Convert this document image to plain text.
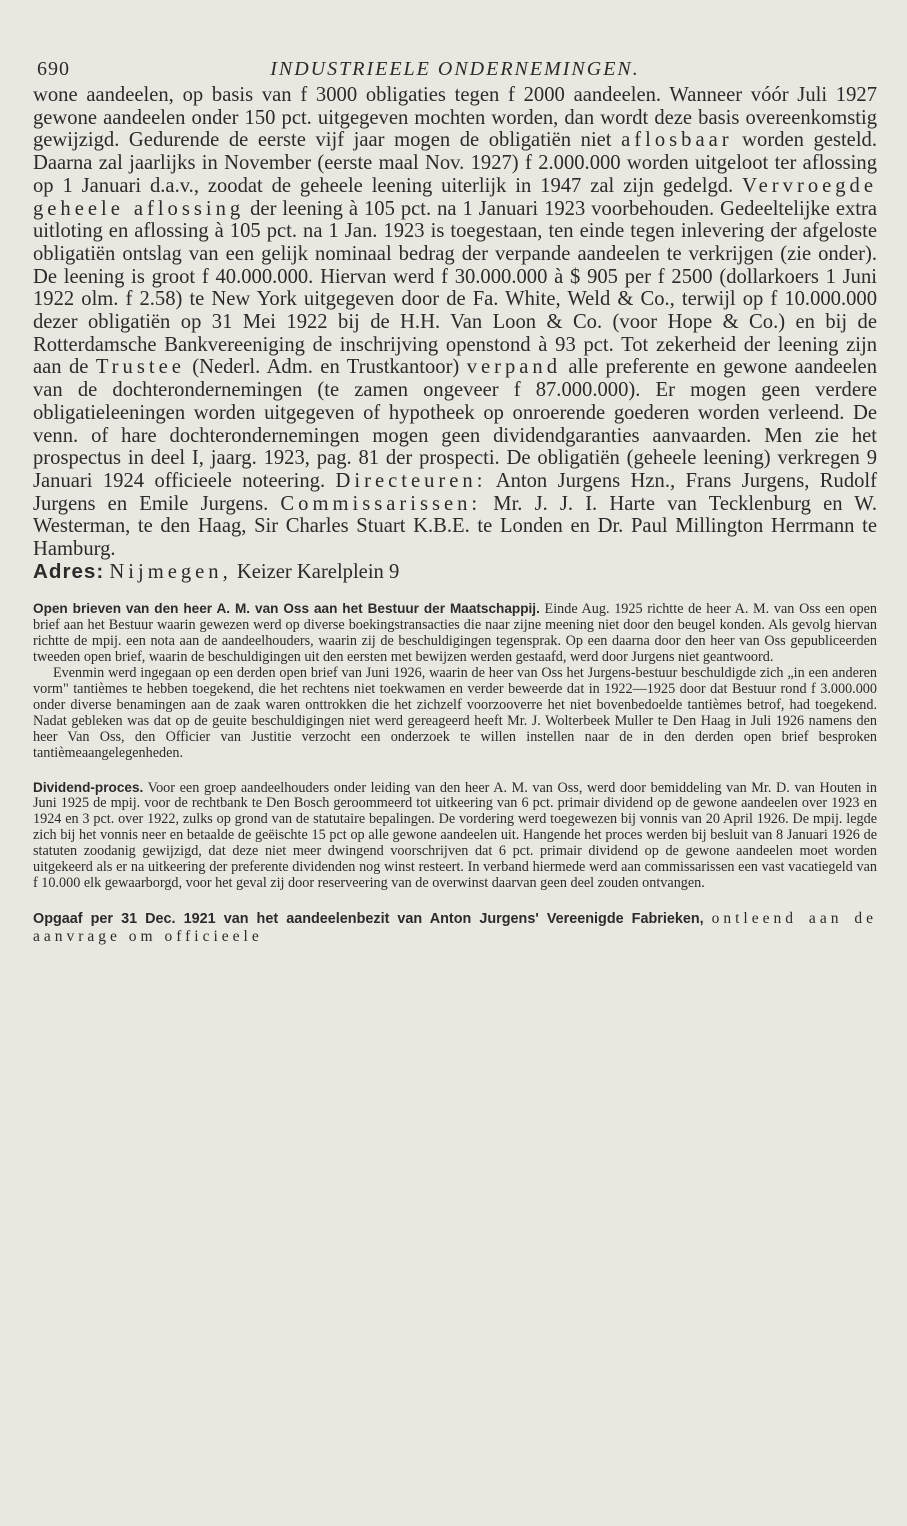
690	INDUSTRIEELE ONDERNEMINGEN.

wone aandeelen, op basis van f 3000 obligaties tegen f 2000 aandeelen. Wanneer vóór Juli 1927 gewone aandeelen onder 150 pct. uitgegeven mochten worden, dan wordt deze basis overeenkomstig gewijzigd. Gedurende de eerste vijf jaar mogen de obligatiën niet aflosbaar worden gesteld. Daarna zal jaarlijks in November (eerste maal Nov. 1927) f 2.000.000 worden uitgeloot ter aflossing op 1 Januari d.a.v., zoodat de geheele leening uiterlijk in 1947 zal zijn gedelgd. Vervroegde geheele aflossing der leening à 105 pct. na 1 Januari 1923 voorbehouden. Gedeeltelijke extra uitloting en aflossing à 105 pct. na 1 Jan. 1923 is toegestaan, ten einde tegen inlevering der afgeloste obligatiën ontslag van een gelijk nominaal bedrag der verpande aandeelen te verkrijgen (zie onder). De leening is groot f 40.000.000. Hiervan werd f 30.000.000 à $ 905 per f 2500 (dollarkoers 1 Juni 1922 olm. f 2.58) te New York uitgegeven door de Fa. White, Weld & Co., terwijl op f 10.000.000 dezer obligatiën op 31 Mei 1922 bij de H.H. Van Loon & Co. (voor Hope & Co.) en bij de Rotterdamsche Bankvereeniging de inschrijving openstond à 93 pct. Tot zekerheid der leening zijn aan de Trustee (Nederl. Adm. en Trustkantoor) verpand alle preferente en gewone aandeelen van de dochterondernemingen (te zamen ongeveer f 87.000.000). Er mogen geen verdere obligatieleeningen worden uitgegeven of hypotheek op onroerende goederen worden verleend. De venn. of hare dochterondernemingen mogen geen dividendgaranties aanvaarden. Men zie het prospectus in deel I, jaarg. 1923, pag. 81 der prospecti. De obligatiën (geheele leening) verkregen 9 Januari 1924 officieele noteering. Directeuren: Anton Jurgens Hzn., Frans Jurgens, Rudolf Jurgens en Emile Jurgens. Commissarissen: Mr. J. J. I. Harte van Tecklenburg en W. Westerman, te den Haag, Sir Charles Stuart K.B.E. te Londen en Dr. Paul Millington Herrmann te Hamburg.

Adres: Nijmegen, Keizer Karelplein 9

Open brieven van den heer A. M. van Oss aan het Bestuur der Maatschappij. Einde Aug. 1925 richtte de heer A. M. van Oss een open brief aan het Bestuur waarin gewezen werd op diverse boekingstransacties die naar zijne meening niet door den beugel konden. Als gevolg hiervan richtte de mpij. een nota aan de aandeelhouders, waarin zij de beschuldigingen tegensprak. Op een daarna door den heer van Oss gepubliceerden tweeden open brief, waarin de beschuldigingen uit den eersten met bewijzen werden gestaafd, werd door Jurgens niet geantwoord.

Evenmin werd ingegaan op een derden open brief van Juni 1926, waarin de heer van Oss het Jurgens-bestuur beschuldigde zich „in een anderen vorm" tantièmes te hebben toegekend, die het rechtens niet toekwamen en verder beweerde dat in 1922—1925 door dat Bestuur rond f 3.000.000 onder diverse benamingen aan de zaak waren onttrokken die het zichzelf voorzooverre het niet bovenbedoelde tantièmes betrof, had toegekend. Nadat gebleken was dat op de geuite beschuldigingen niet werd gereageerd heeft Mr. J. Wolterbeek Muller te Den Haag in Juli 1926 namens den heer Van Oss, den Officier van Justitie verzocht een onderzoek te willen instellen naar de in den derden open brief besproken tantièmeaangelegenheden.

Dividend-proces. Voor een groep aandeelhouders onder leiding van den heer A. M. van Oss, werd door bemiddeling van Mr. D. van Houten in Juni 1925 de mpij. voor de rechtbank te Den Bosch geroommeerd tot uitkeering van 6 pct. primair dividend op de gewone aandeelen over 1923 en 1924 en 3 pct. over 1922, zulks op grond van de statutaire bepalingen. De vordering werd toegewezen bij vonnis van 20 April 1926. De mpij. legde zich bij het vonnis neer en betaalde de geëischte 15 pct op alle gewone aandeelen uit. Hangende het proces werden bij besluit van 8 Januari 1926 de statuten zoodanig gewijzigd, dat deze niet meer dwingend voorschrijven dat 6 pct. primair dividend op de gewone aandeelen moet worden uitgekeerd als er na uitkeering der preferente dividenden nog winst resteert. In verband hiermede werd aan commissarissen een vast vacatiegeld van f 10.000 elk gewaarborgd, voor het geval zij door reserveering van de overwinst daarvan geen deel zouden ontvangen.

Opgaaf per 31 Dec. 1921 van het aandeelenbezit van Anton Jurgens' Vereenigde Fabrieken, ontleend aan de aanvrage om officieele
